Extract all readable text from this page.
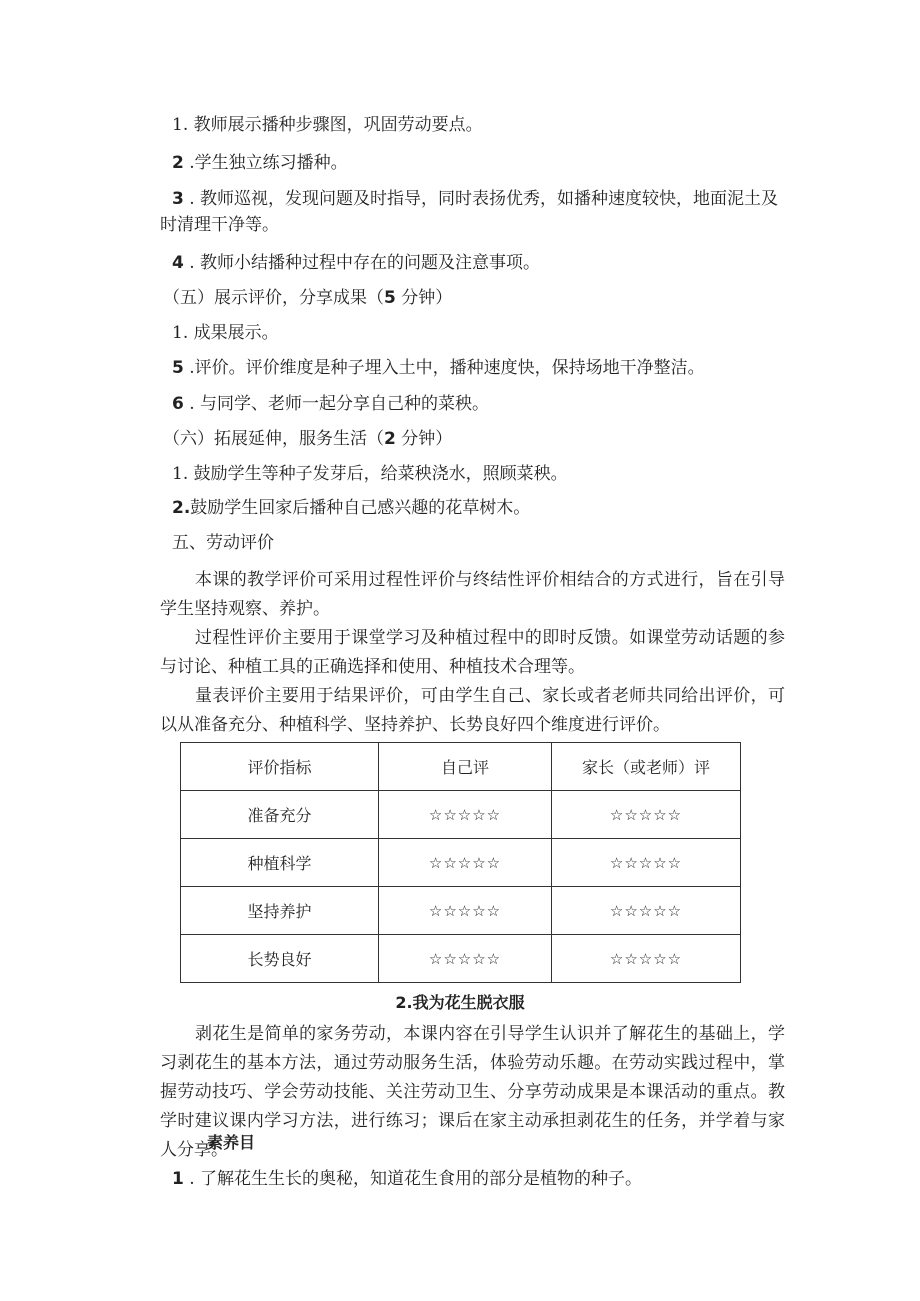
1. 教师展示播种步骤图，巩固劳动要点。
2 .学生独立练习播种。
3 . 教师巡视，发现问题及时指导，同时表扬优秀，如播种速度较快，地面泥土及
时清理干净等。
4 . 教师小结播种过程中存在的问题及注意事项。
（五）展示评价，分享成果（5 分钟）
1. 成果展示。
5 .评价。评价维度是种子埋入土中，播种速度快，保持场地干净整洁。
6 . 与同学、老师一起分享自己种的菜秧。
（六）拓展延伸，服务生活（2 分钟）
1. 鼓励学生等种子发芽后，给菜秧浇水，照顾菜秧。
2.鼓励学生回家后播种自己感兴趣的花草树木。
五、劳动评价
本课的教学评价可采用过程性评价与终结性评价相结合的方式进行，旨在引导学生坚持观察、养护。
过程性评价主要用于课堂学习及种植过程中的即时反馈。如课堂劳动话题的参与讨论、种植工具的正确选择和使用、种植技术合理等。
量表评价主要用于结果评价，可由学生自己、家长或者老师共同给出评价，可以从准备充分、种植科学、坚持养护、长势良好四个维度进行评价。
评价指标	自己评	家长（或老师）评
准备充分	☆☆☆☆☆	☆☆☆☆☆
种植科学	☆☆☆☆☆	☆☆☆☆☆
坚持养护	☆☆☆☆☆	☆☆☆☆☆
长势良好	☆☆☆☆☆	☆☆☆☆☆
2.我为花生脱衣服
剥花生是简单的家务劳动，本课内容在引导学生认识并了解花生的基础上，学习剥花生的基本方法，通过劳动服务生活，体验劳动乐趣。在劳动实践过程中，掌握劳动技巧、学会劳动技能、关注劳动卫生、分享劳动成果是本课活动的重点。教学时建议课内学习方法，进行练习；课后在家主动承担剥花生的任务，并学着与家人分享。
素养目
1 . 了解花生生长的奥秘，知道花生食用的部分是植物的种子。
